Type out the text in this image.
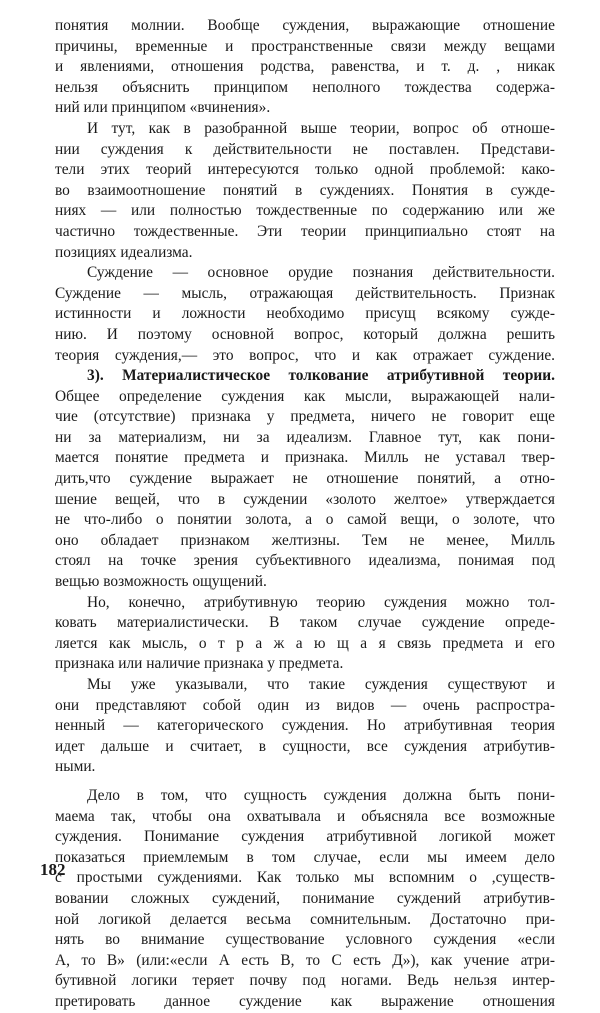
понятия молнии. Вообще суждения, выражающие отношение
причины, временные и пространственные связи между вещами
и явлениями, отношения родства, равенства, и т. д. , никак
нельзя объяснить принципом неполного тождества содержа-
ний или принципом «вчинения».
И тут, как в разобранной выше теории, вопрос об отноше-
нии суждения к действительности не поставлен. Представи-
тели этих теорий интересуются только одной проблемой: како-
во взаимоотношение понятий в суждениях. Понятия в сужде-
ниях — или полностью тождественные по содержанию или же
частично тождественные. Эти теории принципиально стоят на
позициях идеализма.
Суждение — основное орудие познания действительности.
Суждение — мысль, отражающая действительность. Признак
истинности и ложности необходимо присущ всякому сужде-
нию. И поэтому основной вопрос, который должна решить
теория суждения,— это вопрос, что и как отражает суждение.
3). Материалистическое толкование атрибутивной теории.
Общее определение суждения как мысли, выражающей нали-
чие (отсутствие) признака у предмета, ничего не говорит еще
ни за материализм, ни за идеализм. Главное тут, как пони-
мается понятие предмета и признака. Милль не уставал твер-
дить,что суждение выражает не отношение понятий, а отно-
шение вещей, что в суждении «золото желтое» утверждается
не что-либо о понятии золота, а о самой вещи, о золоте, что
оно обладает признаком желтизны. Тем не менее, Милль
стоял на точке зрения субъективного идеализма, понимая под
вещью возможность ощущений.
Но, конечно, атрибутивную теорию суждения можно тол-
ковать материалистически. В таком случае суждение опреде-
ляется как мысль, о т р а ж а ю щ а я связь предмета и его
признака или наличие признака у предмета.
Мы уже указывали, что такие суждения существуют и
они представляют собой один из видов — очень распростра-
ненный — категорического суждения. Но атрибутивная теория
идет дальше и считает, в сущности, все суждения атрибутив-
ными.
Дело в том, что сущность суждения должна быть пони-
маема так, чтобы она охватывала и объясняла все возможные
суждения. Понимание суждения атрибутивной логикой может
показаться приемлемым в том случае, если мы имеем дело
с простыми суждениями. Как только мы вспомним о ,существ-
вовании сложных суждений, понимание суждений атрибутив-
ной логикой делается весьма сомнительным. Достаточно при-
нять во внимание существование условного суждения «если
А, то В» (или:«если А есть В, то С есть Д»), как учение атри-
бутивной логики теряет почву под ногами. Ведь нельзя интер-
претировать данное суждение как выражение отношения
182
